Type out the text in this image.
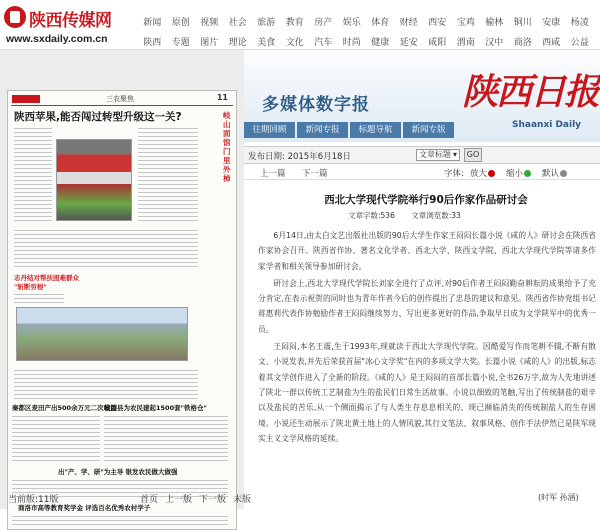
陕西传媒网
www.sxdaily.com.cn
新闻	原创	视频	社会	旅游	教育	房产	娱乐	体育	财经	西安	宝鸡	榆林	铜川	安康	杨凌
陕西	专题	图片	理论	美食	文化	汽车	时尚	健康	延安	咸阳	渭南	汉中	商洛	西咸	公益
三农聚焦	11
陕西苹果,能否闯过转型升级这一关?	岐山面馆门里外柿
志丹结对帮扶困难群众
"斩断穷根"
秦都区麦田产出500余万元二次收益
城固县为农民建起1500套"铁格仓"
出"产、学、研"为主导 银发农民做大做强
商洛市高等教育奖学金 评选百名优秀农村学子
当前版:11版	首页 上一版 下一版 末版
多媒体数字报	陕西日报
Shaanxi Daily
往期回顾	新闻专报	标题导航	新闻专版
发布日期: 2015年6月18日	文章标题 ▾	GO
上一篇 下一篇	字体: 放大	缩小	默认
西北大学现代学院举行90后作家作品研讨会
文章字数:536 文章浏览数:33

6月14日,由太白文艺出版社出版的90后大学生作家王闷闷长篇小说《咸的人》研讨会在陕西省作家协会召开。陕西省作协、著名文化学者、西北大学、陕西文学院、西北大学现代学院等诸多作家学者和相关领导参加研讨会。

研讨会上,西北大学现代学院长刘家全进行了点评,对90后作者王闷闷勤奋耕耘的成果给予了充分肯定,在表示祝贺的同时也为青年作者今后的创作提出了忠恳的建议和意见。陕西省作协党组书记蒋惠莉代表作协勉励作者王闷闷继续努力、写出更多更好的作品,争取早日成为文学陕军中的优秀一员。

王闷闷,本名王震,生于1993年,现就读于西北大学现代学院。因酷爱写作而笔耕不辍,不断有散文、小说发表,并先后荣获首届"冰心文学奖"在内的多项文学大奖。长篇小说《咸的人》的出版,标志着其文学创作进入了全新的阶段。《咸的人》是王闷闷的首部长篇小说,全书26万字,故为人先地讲述了陕北一群以传统工艺制盐为生的盐民们日常生活故事。小说以细致的笔触,写出了传统制盐的艰辛以及盐民的苦乐,从一个侧面揭示了与人类生存息息相关的、现已濒临消失的传统制盐人的生存困境。小说还生动展示了陕北黄土地上的人情风貌,其行文笔法、叙事风格、创作手法伊然已是陕军现实主义文学风格的延续。

(时军 孙涵)
